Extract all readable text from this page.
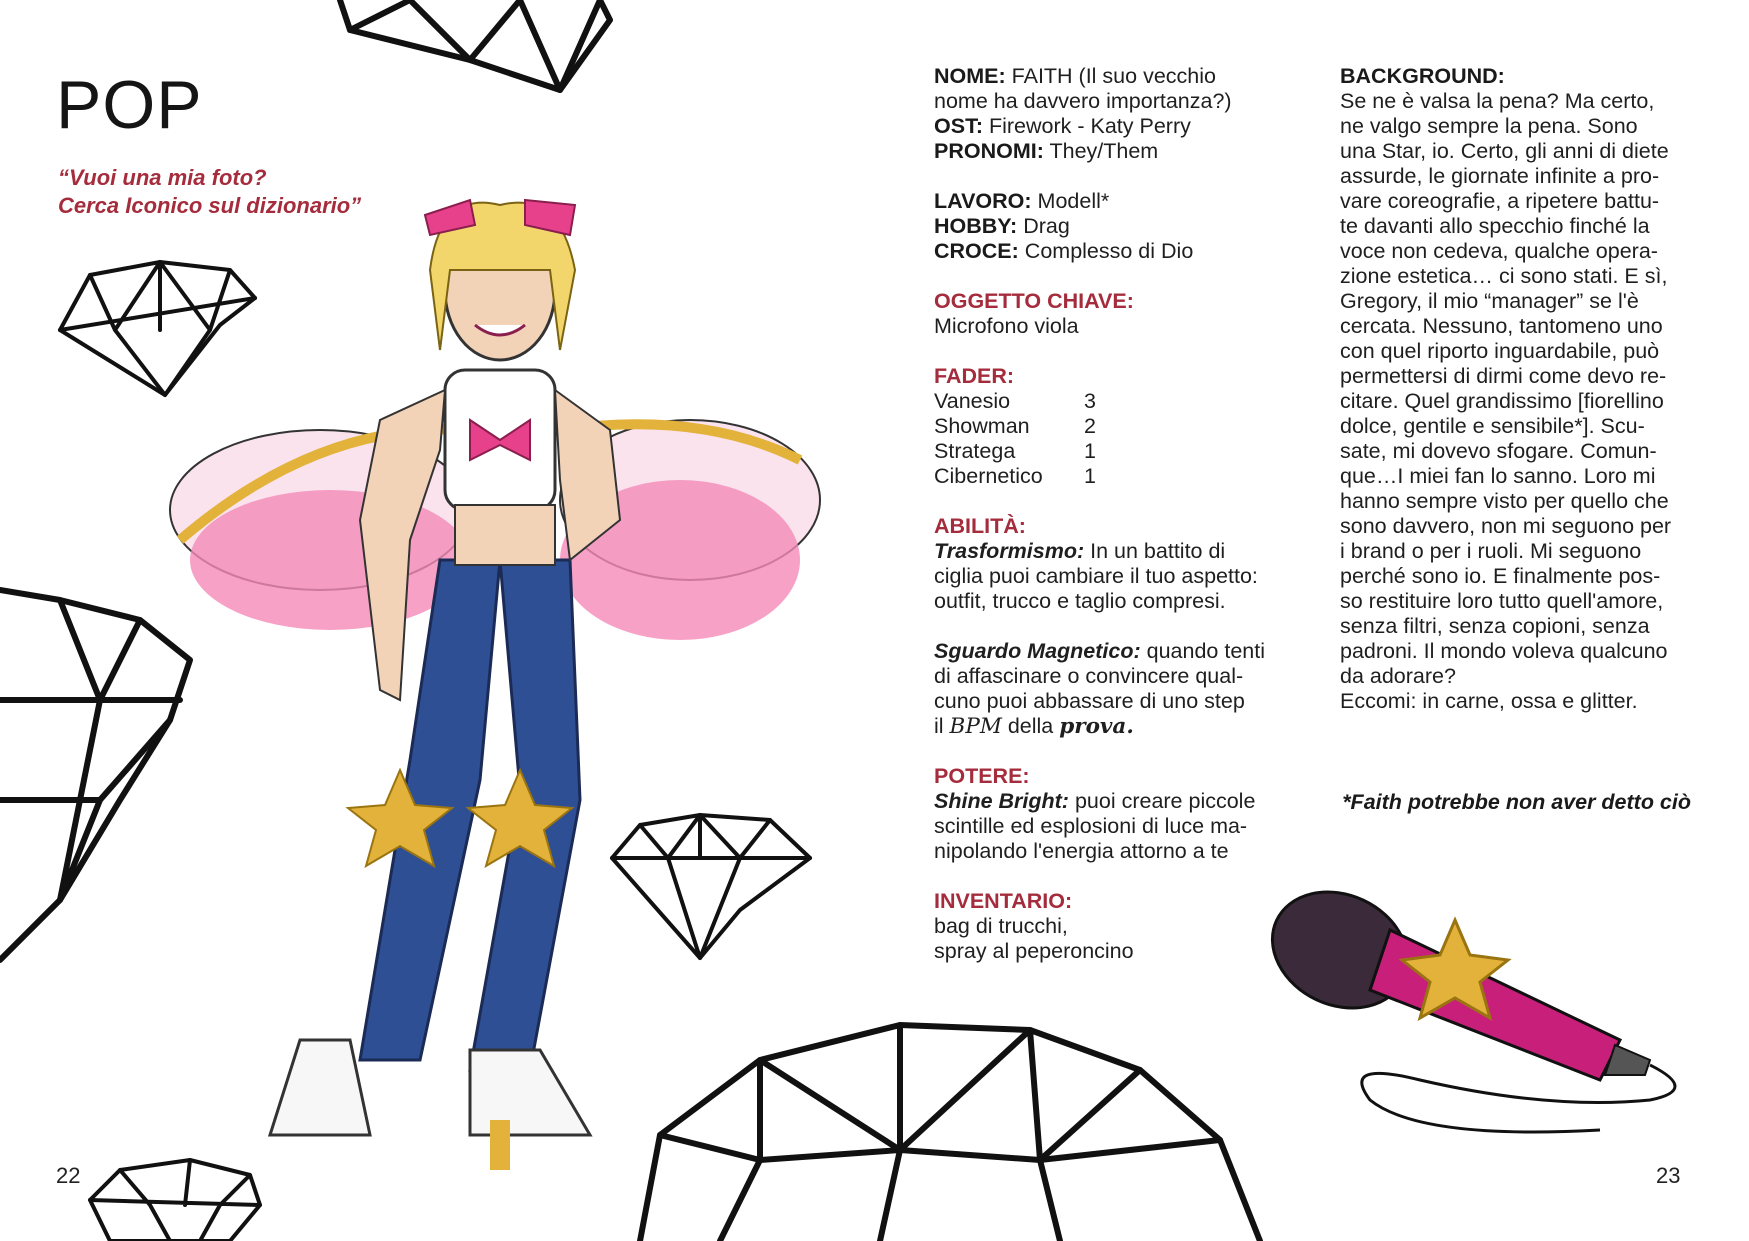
POP

“Vuoi una mia foto?
Cerca Iconico sul dizionario”

22
NOME: FAITH (Il suo vecchio
nome ha davvero importanza?)
OST: Firework - Katy Perry
PRONOMI: They/Them
LAVORO: Modell*
HOBBY: Drag
CROCE: Complesso di Dio
OGGETTO CHIAVE:
Microfono viola
FADER:
Vanesio	3
Showman	2
Stratega	1
Cibernetico	1
ABILITÀ:
Trasformismo: In un battito di
ciglia puoi cambiare il tuo aspetto:
outfit, trucco e taglio compresi.
Sguardo Magnetico: quando tenti
di affascinare o convincere qual-
cuno puoi abbassare di uno step
il BPM della prova.
POTERE:
Shine Bright: puoi creare piccole
scintille ed esplosioni di luce ma-
nipolando l'energia attorno a te
INVENTARIO:
bag di trucchi,
spray al peperoncino
BACKGROUND:
Se ne è valsa la pena? Ma certo,
ne valgo sempre la pena. Sono
una Star, io. Certo, gli anni di diete
assurde, le giornate infinite a pro-
vare coreografie, a ripetere battu-
te davanti allo specchio finché la
voce non cedeva, qualche opera-
zione estetica… ci sono stati. E sì,
Gregory, il mio “manager” se l'è
cercata. Nessuno, tantomeno uno
con quel riporto inguardabile, può
permettersi di dirmi come devo re-
citare. Quel grandissimo [fiorellino
dolce, gentile e sensibile*]. Scu-
sate, mi dovevo sfogare. Comun-
que…I miei fan lo sanno. Loro mi
hanno sempre visto per quello che
sono davvero, non mi seguono per
i brand o per i ruoli. Mi seguono
perché sono io. E finalmente pos-
so restituire loro tutto quell'amore,
senza filtri, senza copioni, senza
padroni. Il mondo voleva qualcuno
da adorare?
Eccomi: in carne, ossa e glitter.
*Faith potrebbe non aver detto ciò
23
